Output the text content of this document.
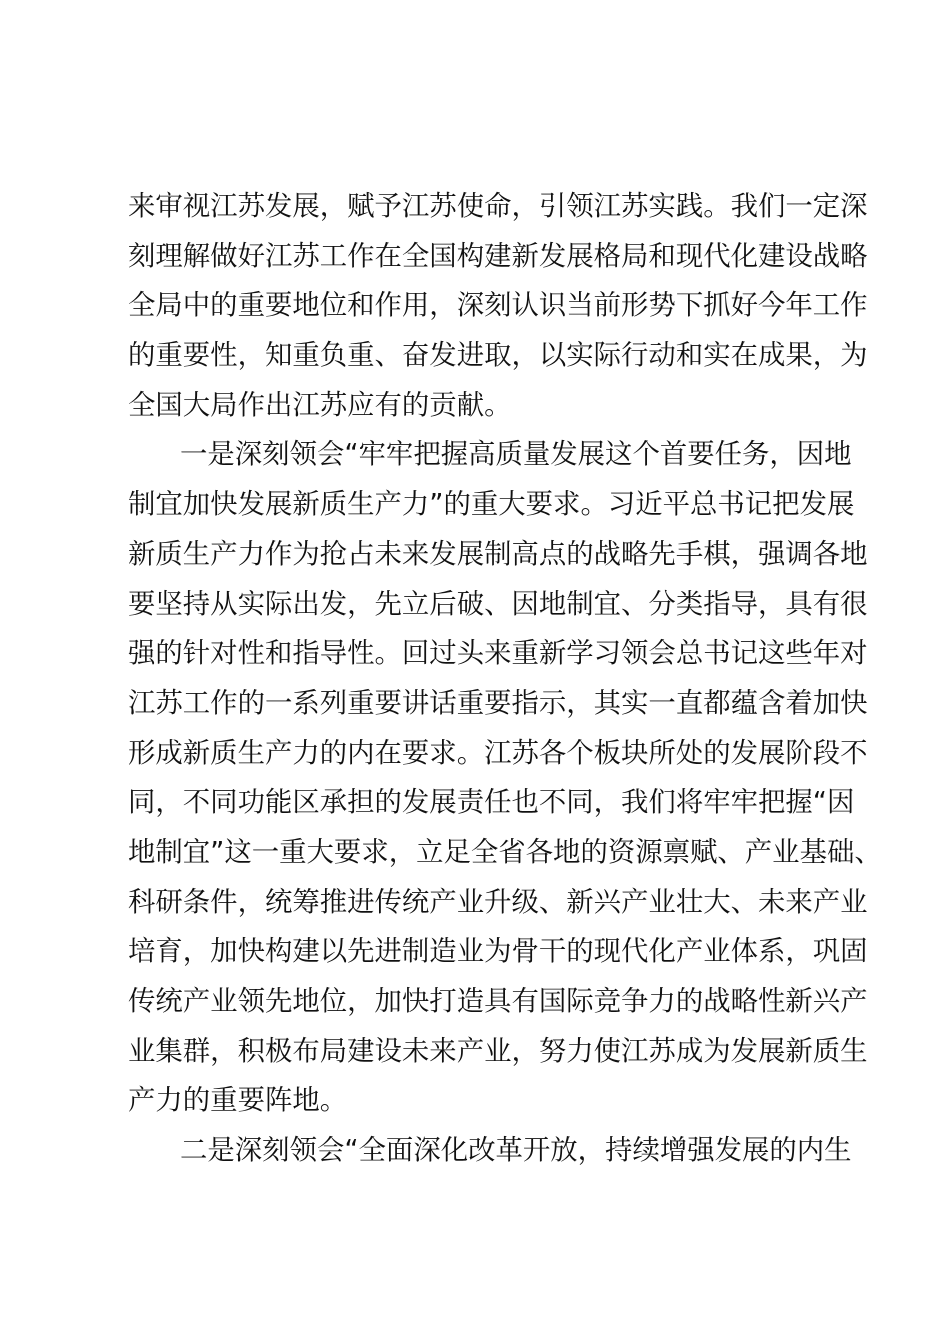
来审视江苏发展，赋予江苏使命，引领江苏实践。我们一定深
刻理解做好江苏工作在全国构建新发展格局和现代化建设战略
全局中的重要地位和作用，深刻认识当前形势下抓好今年工作
的重要性，知重负重、奋发进取，以实际行动和实在成果，为
全国大局作出江苏应有的贡献。
一是深刻领会“牢牢把握高质量发展这个首要任务，因地
制宜加快发展新质生产力”的重大要求。习近平总书记把发展
新质生产力作为抢占未来发展制高点的战略先手棋，强调各地
要坚持从实际出发，先立后破、因地制宜、分类指导，具有很
强的针对性和指导性。回过头来重新学习领会总书记这些年对
江苏工作的一系列重要讲话重要指示，其实一直都蕴含着加快
形成新质生产力的内在要求。江苏各个板块所处的发展阶段不
同，不同功能区承担的发展责任也不同，我们将牢牢把握“因
地制宜”这一重大要求，立足全省各地的资源禀赋、产业基础、
科研条件，统筹推进传统产业升级、新兴产业壮大、未来产业
培育，加快构建以先进制造业为骨干的现代化产业体系，巩固
传统产业领先地位，加快打造具有国际竞争力的战略性新兴产
业集群，积极布局建设未来产业，努力使江苏成为发展新质生
产力的重要阵地。
二是深刻领会“全面深化改革开放，持续增强发展的内生
